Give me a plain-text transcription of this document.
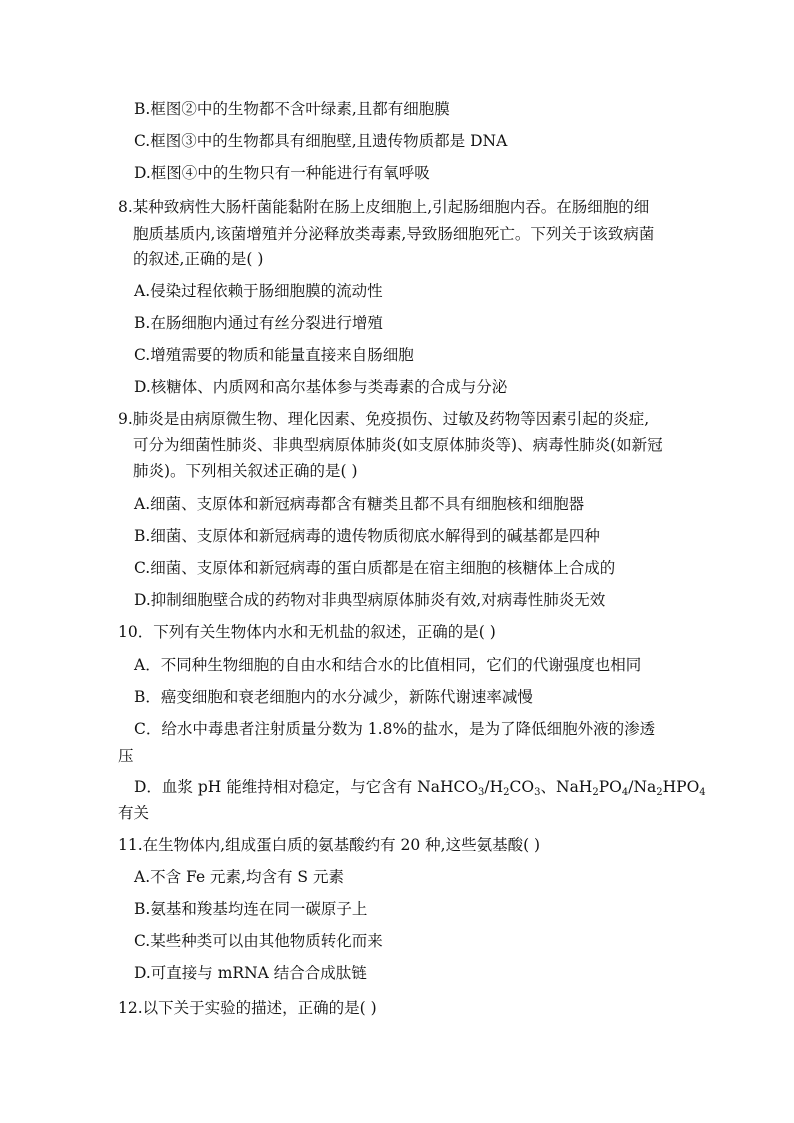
B.框图②中的生物都不含叶绿素,且都有细胞膜
C.框图③中的生物都具有细胞壁,且遗传物质都是 DNA
D.框图④中的生物只有一种能进行有氧呼吸
8.某种致病性大肠杆菌能黏附在肠上皮细胞上,引起肠细胞内吞。在肠细胞的细
胞质基质内,该菌增殖并分泌释放类毒素,导致肠细胞死亡。下列关于该致病菌
的叙述,正确的是( )
A.侵染过程依赖于肠细胞膜的流动性
B.在肠细胞内通过有丝分裂进行增殖
C.增殖需要的物质和能量直接来自肠细胞
D.核糖体、内质网和高尔基体参与类毒素的合成与分泌
9.肺炎是由病原微生物、理化因素、免疫损伤、过敏及药物等因素引起的炎症,
可分为细菌性肺炎、非典型病原体肺炎(如支原体肺炎等)、病毒性肺炎(如新冠
肺炎)。下列相关叙述正确的是( )
A.细菌、支原体和新冠病毒都含有糖类且都不具有细胞核和细胞器
B.细菌、支原体和新冠病毒的遗传物质彻底水解得到的碱基都是四种
C.细菌、支原体和新冠病毒的蛋白质都是在宿主细胞的核糖体上合成的
D.抑制细胞壁合成的药物对非典型病原体肺炎有效,对病毒性肺炎无效
10．下列有关生物体内水和无机盐的叙述，正确的是( )
A．不同种生物细胞的自由水和结合水的比值相同，它们的代谢强度也相同
B．癌变细胞和衰老细胞内的水分减少，新陈代谢速率减慢
C．给水中毒患者注射质量分数为 1.8%的盐水，是为了降低细胞外液的渗透
压
D．血浆 pH 能维持相对稳定，与它含有 $NaHCO_3/H_2CO_3$、$NaH_2PO_4/Na_2HPO_4$
有关
11.在生物体内,组成蛋白质的氨基酸约有 20 种,这些氨基酸( )
A.不含 Fe 元素,均含有 S 元素
B.氨基和羧基均连在同一碳原子上
C.某些种类可以由其他物质转化而来
D.可直接与 mRNA 结合合成肽链
12.以下关于实验的描述，正确的是( )
